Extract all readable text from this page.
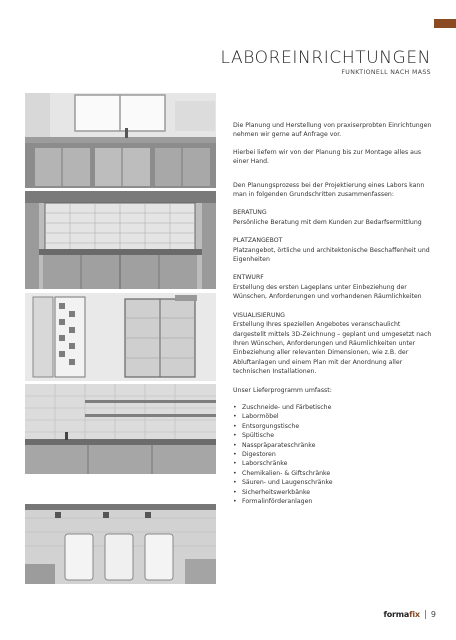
LABOREINRICHTUNGEN
FUNKTIONELL NACH MASS

Die Planung und Herstellung von praxiserprobten Einrichtungen nehmen wir gerne auf Anfrage vor.

Hierbei liefern wir von der Planung bis zur Montage alles aus einer Hand.

Den Planungsprozess bei der Projektierung eines Labors kann man in folgenden Grundschritten zusammenfassen:

BERATUNG

Persönliche Beratung mit dem Kunden zur Bedarfsermittlung

PLATZANGEBOT

Platzangebot, örtliche und architektonische Beschaffenheit und Eigenheiten

ENTWURF

Erstellung des ersten Lageplans unter Einbeziehung der Wünschen, Anforderungen und vorhandenen Räumlichkeiten

VISUALISIERUNG

Erstellung Ihres speziellen Angebotes veranschaulicht dargestellt mittels 3D-Zeichnung – geplant und umgesetzt nach Ihren Wünschen, Anforderungen und Räumlichkeiten unter Einbeziehung aller relevanten Dimensionen, wie z.B. der Abluftanlagen und einem Plan mit der Anordnung aller technischen Installationen.

Unser Lieferprogramm umfasst:

• Zuschneide- und Färbetische
• Labormöbel
• Entsorgungstische
• Spültische
• Nasspräparateschränke
• Digestoren
• Laborschränke
• Chemikalien- & Giftschränke
• Säuren- und Laugenschränke
• Sicherheitswerkbänke
• Formalinförderanlagen
formafix 9
